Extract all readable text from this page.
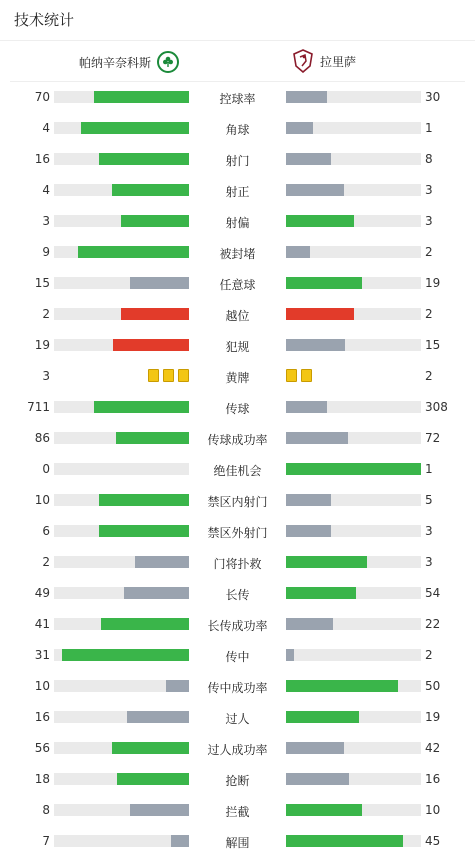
技术统计
帕纳辛奈科斯	拉里萨
70	控球率	30
4	角球	1
16	射门	8
4	射正	3
3	射偏	3
9	被封堵	2
15	任意球	19
2	越位	2
19	犯规	15
3	黄牌	2
711	传球	308
86	传球成功率	72
0	绝佳机会	1
10	禁区内射门	5
6	禁区外射门	3
2	门将扑救	3
49	长传	54
41	长传成功率	22
31	传中	2
10	传中成功率	50
16	过人	19
56	过人成功率	42
18	抢断	16
8	拦截	10
7	解围	45
